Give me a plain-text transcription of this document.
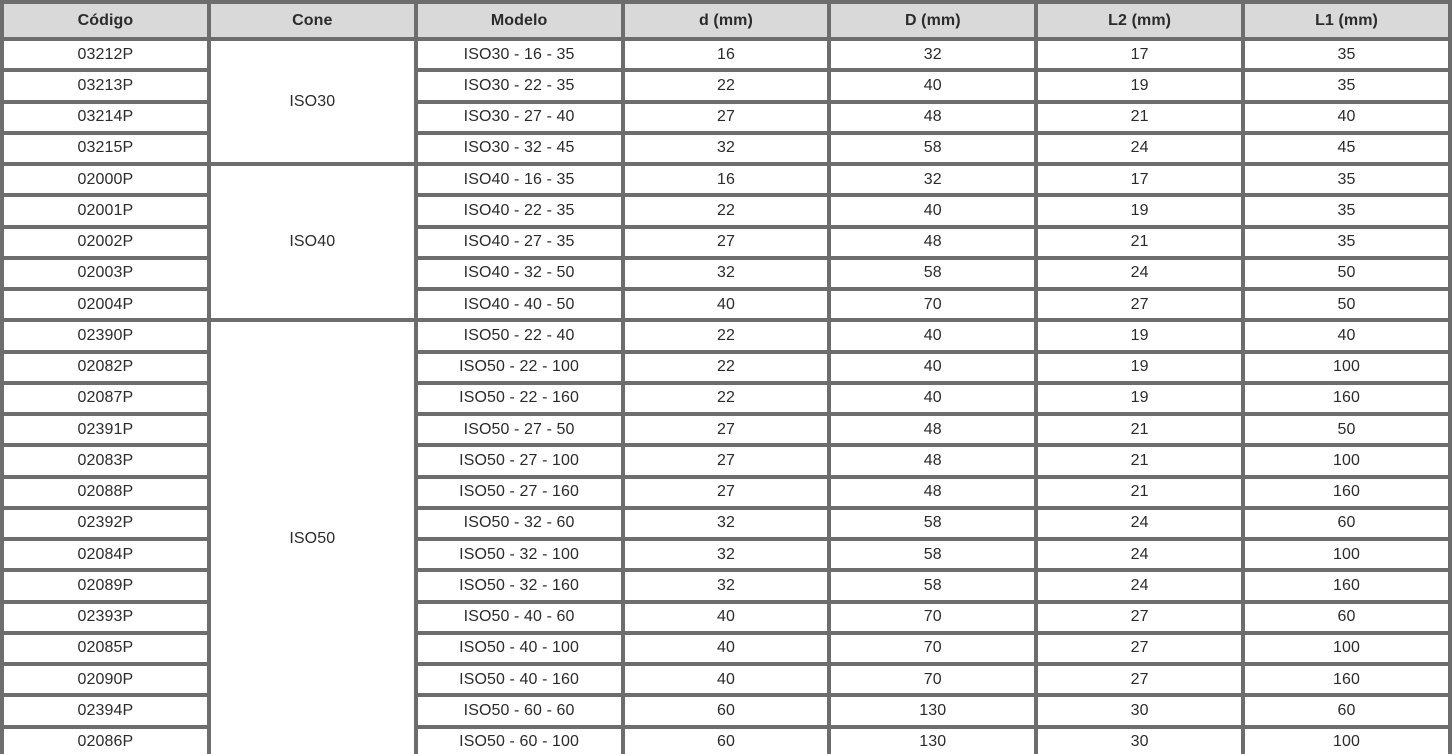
Código	Cone	Modelo	d (mm)	D (mm)	L2 (mm)	L1 (mm)
03212P	ISO30	ISO30 - 16 - 35	16	32	17	35
03213P		ISO30 - 22 - 35	22	40	19	35
03214P		ISO30 - 27 - 40	27	48	21	40
03215P		ISO30 - 32 - 45	32	58	24	45
02000P	ISO40	ISO40 - 16 - 35	16	32	17	35
02001P		ISO40 - 22 - 35	22	40	19	35
02002P		ISO40 - 27 - 35	27	48	21	35
02003P		ISO40 - 32 - 50	32	58	24	50
02004P		ISO40 - 40 - 50	40	70	27	50
02390P	ISO50	ISO50 - 22 - 40	22	40	19	40
02082P		ISO50 - 22 - 100	22	40	19	100
02087P		ISO50 - 22 - 160	22	40	19	160
02391P		ISO50 - 27 - 50	27	48	21	50
02083P		ISO50 - 27 - 100	27	48	21	100
02088P		ISO50 - 27 - 160	27	48	21	160
02392P		ISO50 - 32 - 60	32	58	24	60
02084P		ISO50 - 32 - 100	32	58	24	100
02089P		ISO50 - 32 - 160	32	58	24	160
02393P		ISO50 - 40 - 60	40	70	27	60
02085P		ISO50 - 40 - 100	40	70	27	100
02090P		ISO50 - 40 - 160	40	70	27	160
02394P		ISO50 - 60 - 60	60	130	30	60
02086P		ISO50 - 60 - 100	60	130	30	100
